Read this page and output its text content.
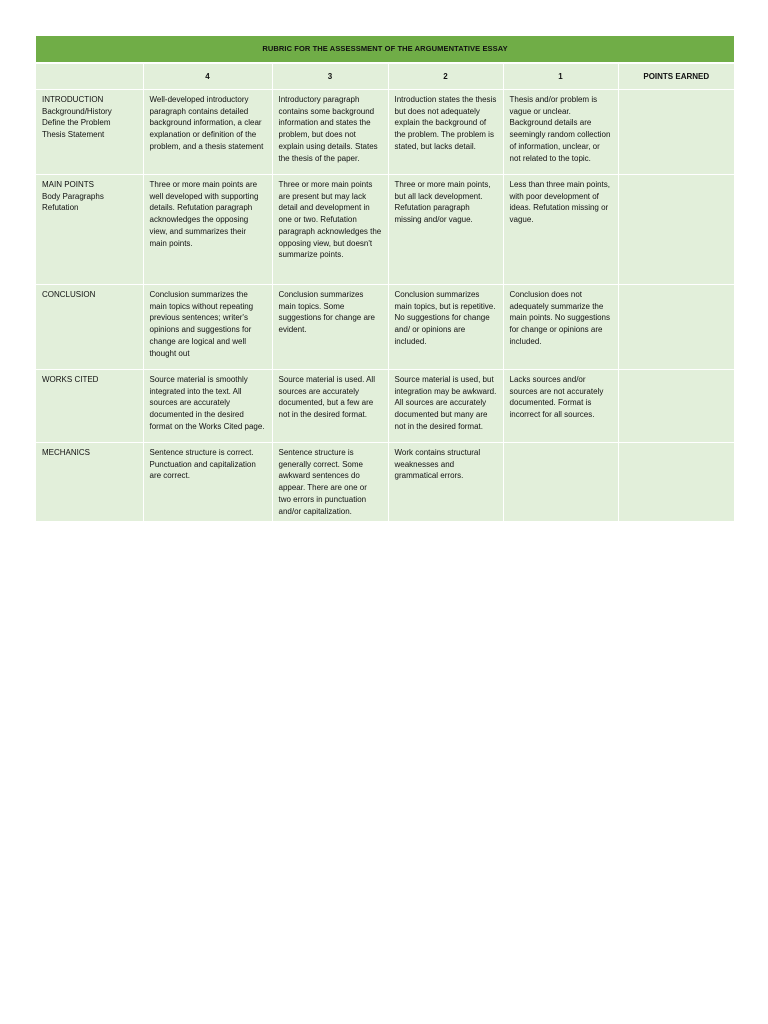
RUBRIC FOR THE ASSESSMENT OF THE ARGUMENTATIVE ESSAY					
	4	3	2	1	POINTS EARNED

INTRODUCTION
Background/History
Define the Problem
Thesis Statement	Well-developed introductory paragraph contains detailed background information, a clear explanation or definition of the problem, and a thesis statement	Introductory paragraph contains some background information and states the problem, but does not explain using details. States the thesis of the paper.	Introduction states the thesis but does not adequately explain the background of the problem. The problem is stated, but lacks detail.	Thesis and/or problem is vague or unclear. Background details are seemingly random collection of information, unclear, or not related to the topic.	

MAIN POINTS
Body Paragraphs
Refutation	Three or more main points are well developed with supporting details. Refutation paragraph acknowledges the opposing view, and summarizes their main points.	Three or more main points are present but may lack detail and development in one or two. Refutation paragraph acknowledges the opposing view, but doesn't summarize points.	Three or more main points, but all lack development. Refutation paragraph missing and/or vague.	Less than three main points, with poor development of ideas. Refutation missing or vague.	

CONCLUSION	Conclusion summarizes the main topics without repeating previous sentences; writer's opinions and suggestions for change are logical and well thought out	Conclusion summarizes main topics. Some suggestions for change are evident.	Conclusion summarizes main topics, but is repetitive. No suggestions for change and/ or opinions are included.	Conclusion does not adequately summarize the main points. No suggestions for change or opinions are included.	

WORKS CITED	Source material is smoothly integrated into the text. All sources are accurately documented in the desired format on the Works Cited page.	Source material is used. All sources are accurately documented, but a few are not in the desired format.	Source material is used, but integration may be awkward. All sources are accurately documented but many are not in the desired format.	Lacks sources and/or sources are not accurately documented. Format is incorrect for all sources.	

MECHANICS	Sentence structure is correct. Punctuation and capitalization are correct.	Sentence structure is generally correct. Some awkward sentences do appear. There are one or two errors in punctuation and/or capitalization.	Work contains structural weaknesses and grammatical errors.		
